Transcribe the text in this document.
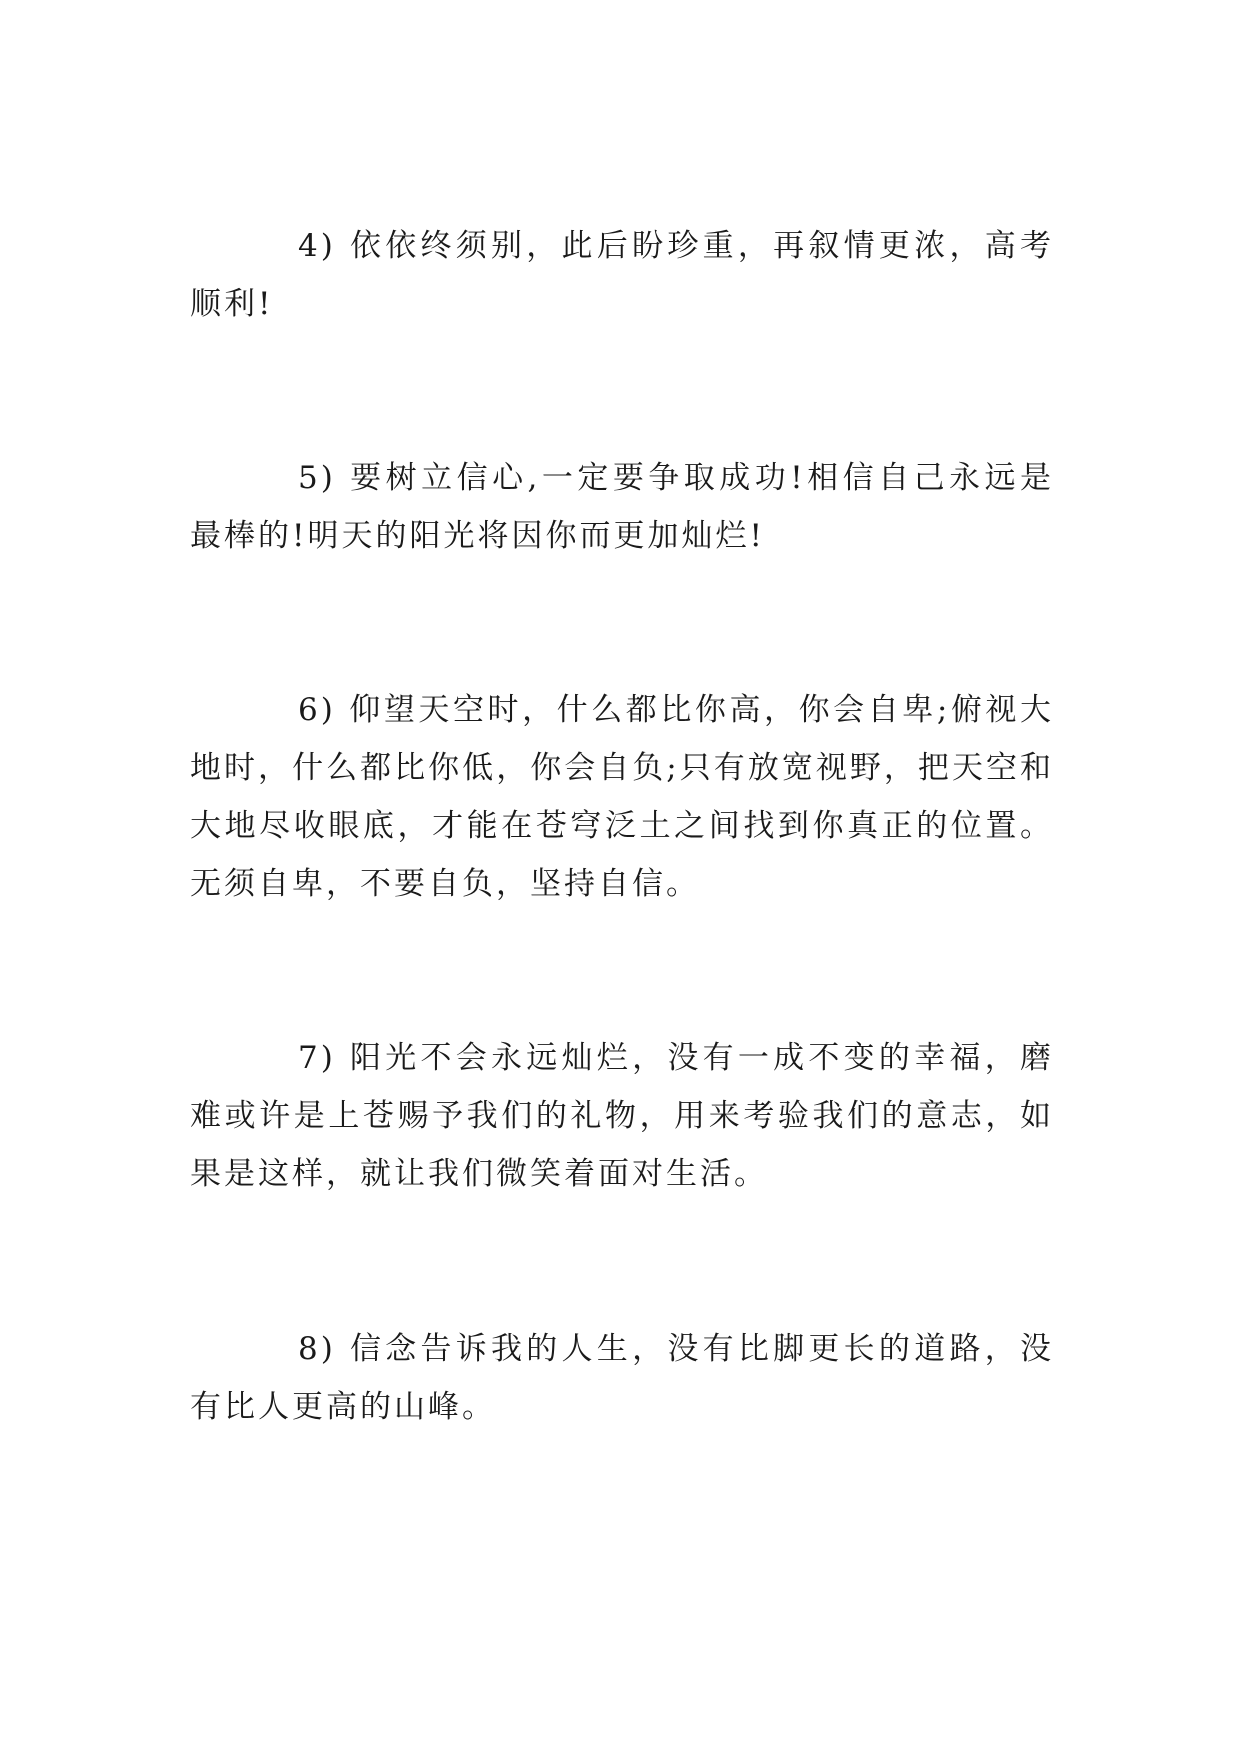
4) 依依终须别，此后盼珍重，再叙情更浓，高考顺利!

5) 要树立信心,一定要争取成功!相信自己永远是最棒的!明天的阳光将因你而更加灿烂!

6) 仰望天空时，什么都比你高，你会自卑;俯视大地时，什么都比你低，你会自负;只有放宽视野，把天空和大地尽收眼底，才能在苍穹泛土之间找到你真正的位置。无须自卑，不要自负，坚持自信。

7) 阳光不会永远灿烂，没有一成不变的幸福，磨难或许是上苍赐予我们的礼物，用来考验我们的意志，如果是这样，就让我们微笑着面对生活。

8) 信念告诉我的人生，没有比脚更长的道路，没有比人更高的山峰。
